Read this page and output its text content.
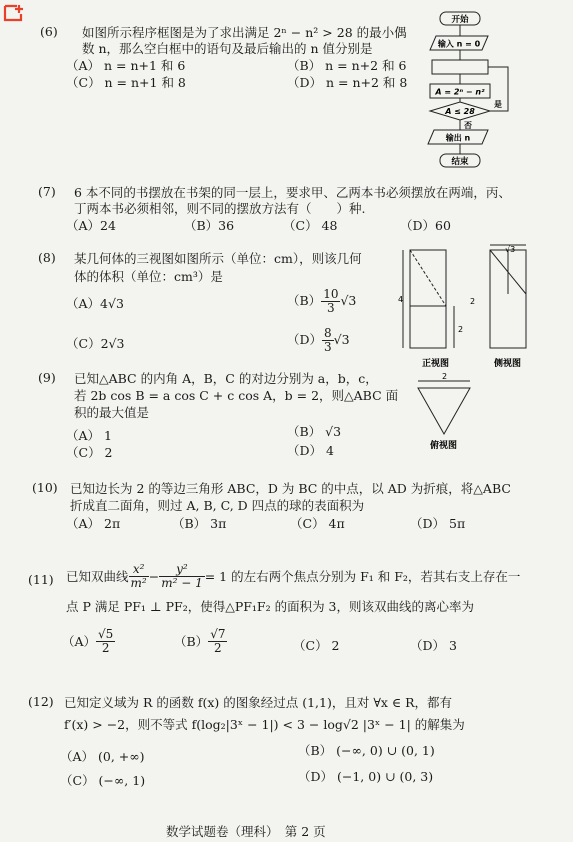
(6) 如图所示程序框图是为了求出满足 2ⁿ − n² > 28 的最小偶
数 n，那么空白框中的语句及最后输出的 n 值分别是
（A） n = n+1 和 6	（B） n = n+2 和 6
（C） n = n+1 和 8	（D） n = n+2 和 8
开始
输入 n = 0
A = 2ⁿ − n²
A ≤ 28
是
否
输出 n
结束
(7) 6 本不同的书摆放在书架的同一层上，要求甲、乙两本书必须摆放在两端，丙、
丁两本书必须相邻，则不同的摆放方法有（　　）种.
（A）24	（B）36	（C） 48	（D）60
(8) 某几何体的三视图如图所示（单位：cm），则该几何
体的体积（单位：cm³）是
（A）4√3	$(B) \frac{10}{3} √3$
（C）2√3	$(D) \frac{8}{3} √3$
√3
4
2
2
2
正视图	侧视图
俯视图
(9) 已知△ABC 的内角 A，B，C 的对边分别为 a，b，c，
若 2b cos B = a cos C + c cos A，b = 2，则△ABC 面
积的最大值是
（A） 1	（B） √3
（C） 2	（D） 4
(10) 已知边长为 2 的等边三角形 ABC，D 为 BC 的中点，以 AD 为折痕，将△ABC
折成直二面角，则过 A, B, C, D 四点的球的表面积为
（A） 2π	（B） 3π	（C） 4π	（D） 5π
(11) 已知双曲线 $\frac{\text{x²}}{\text{m²}} - \frac{\text{y²}}{\text{m² − 1}} = 1$ 的左右两个焦点分别为 F₁ 和 F₂，若其右支上存在一
点 P 满足 PF₁ ⊥ PF₂，使得△PF₁F₂ 的面积为 3，则该双曲线的离心率为
$(A) \frac{√5}{2}$	$(B) \frac{√7}{2}$	（C） 2	（D） 3
(12) 已知定义域为 R 的函数 f(x) 的图象经过点 (1,1)，且对 ∀x ∈ R，都有
f′(x) > −2，则不等式 f(log₂|3ˣ − 1|) < 3 − log√2 |3ˣ − 1| 的解集为
（A） (0, +∞)	（B） (−∞, 0) ∪ (0, 1)
（C） (−∞, 1)	（D） (−1, 0) ∪ (0, 3)
数学试题卷（理科）　第 2 页
